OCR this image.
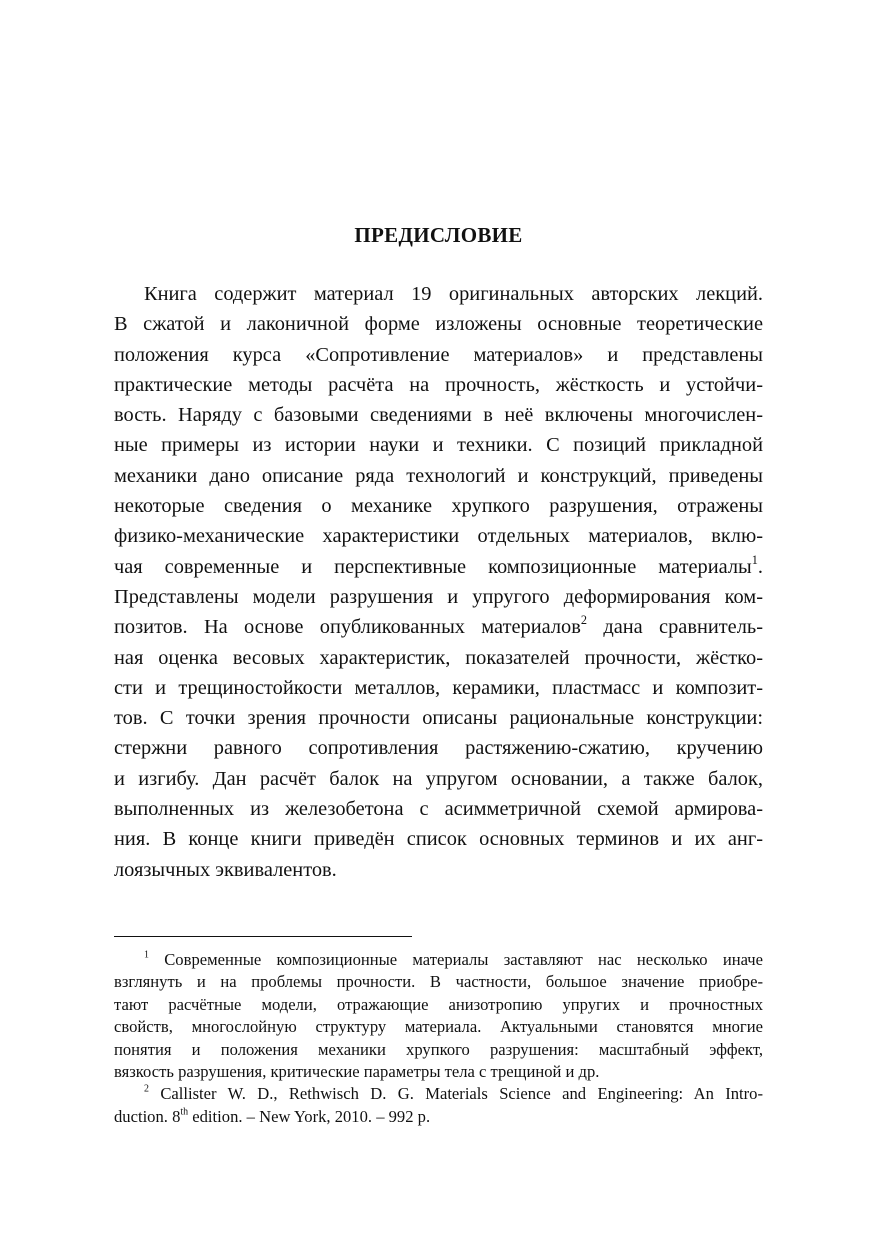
ПРЕДИСЛОВИЕ
Книга содержит материал 19 оригинальных авторских лекций.
В сжатой и лаконичной форме изложены основные теоретические
положения курса «Сопротивление материалов» и представлены
практические методы расчёта на прочность, жёсткость и устойчи-
вость. Наряду с базовыми сведениями в неё включены многочислен-
ные примеры из истории науки и техники. С позиций прикладной
механики дано описание ряда технологий и конструкций, приведены
некоторые сведения о механике хрупкого разрушения, отражены
физико-механические характеристики отдельных материалов, вклю-
чая современные и перспективные композиционные материалы$^1$.
Представлены модели разрушения и упругого деформирования ком-
позитов. На основе опубликованных материалов$^2$ дана сравнитель-
ная оценка весовых характеристик, показателей прочности, жёстко-
сти и трещиностойкости металлов, керамики, пластмасс и композит-
тов. С точки зрения прочности описаны рациональные конструкции:
стержни равного сопротивления растяжению-сжатию, кручению
и изгибу. Дан расчёт балок на упругом основании, а также балок,
выполненных из железобетона с асимметричной схемой армирова-
ния. В конце книги приведён список основных терминов и их анг-
лоязычных эквивалентов.
$^1$ Современные композиционные материалы заставляют нас несколько иначе
взглянуть и на проблемы прочности. В частности, большое значение приобре-
тают расчётные модели, отражающие анизотропию упругих и прочностных
свойств, многослойную структуру материала. Актуальными становятся многие
понятия и положения механики хрупкого разрушения: масштабный эффект,
вязкость разрушения, критические параметры тела с трещиной и др.
$^2$ Callister W. D., Rethwisch D. G. Materials Science and Engineering: An Intro-
duction. 8th edition. – New York, 2010. – 992 p.
